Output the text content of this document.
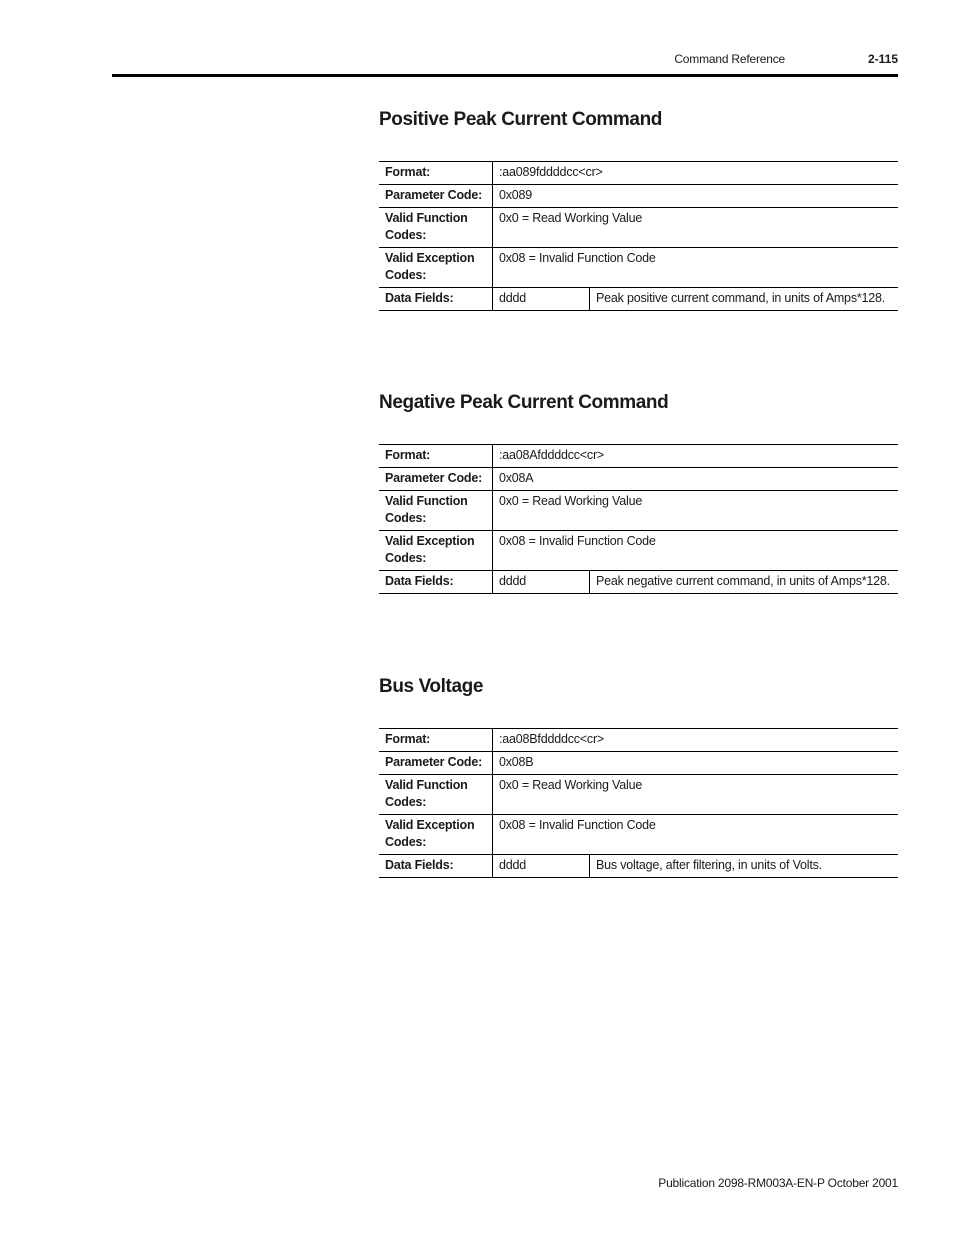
Command Reference	2-115
Positive Peak Current Command
Format:	:aa089fddddcc<cr>	
Parameter Code:	0x089	
Valid Function Codes:	0x0 = Read Working Value	
Valid Exception Codes:	0x08 = Invalid Function Code	
Data Fields:	dddd	Peak positive current command, in units of Amps*128.
Negative Peak Current Command
Format:	:aa08Afddddcc<cr>	
Parameter Code:	0x08A	
Valid Function Codes:	0x0 = Read Working Value	
Valid Exception Codes:	0x08 = Invalid Function Code	
Data Fields:	dddd	Peak negative current command, in units of Amps*128.
Bus Voltage
Format:	:aa08Bfddddcc<cr>	
Parameter Code:	0x08B	
Valid Function Codes:	0x0 = Read Working Value	
Valid Exception Codes:	0x08 = Invalid Function Code	
Data Fields:	dddd	Bus voltage, after filtering, in units of Volts.
Publication 2098-RM003A-EN-P October 2001
